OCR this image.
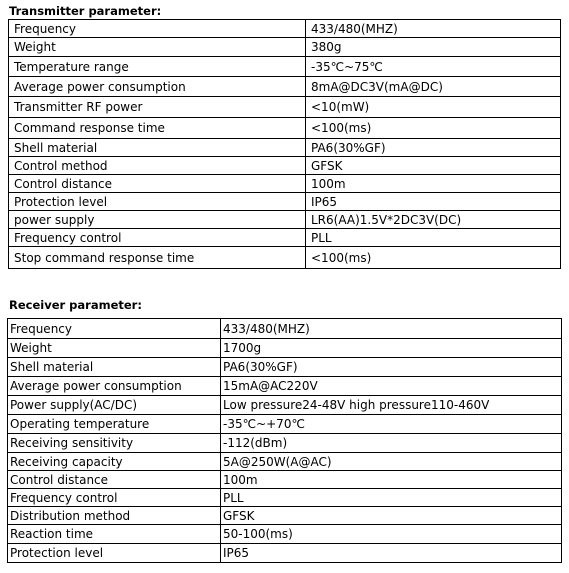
Transmitter parameter:
Frequency	433/480(MHZ)
Weight	380g
Temperature range	-35℃~75℃
Average power consumption	8mA@DC3V(mA@DC)
Transmitter RF power	<10(mW)
Command response time	<100(ms)
Shell material	PA6(30%GF)
Control method	GFSK
Control distance	100m
Protection level	IP65
power supply	LR6(AA)1.5V*2DC3V(DC)
Frequency control	PLL
Stop command response time	<100(ms)
Receiver parameter:
Frequency	433/480(MHZ)
Weight	1700g
Shell material	PA6(30%GF)
Average power consumption	15mA@AC220V
Power supply(AC/DC)	Low pressure24-48V high pressure110-460V
Operating temperature	-35℃~+70℃
Receiving sensitivity	-112(dBm)
Receiving capacity	5A@250W(A@AC)
Control distance	100m
Frequency control	PLL
Distribution method	GFSK
Reaction time	50-100(ms)
Protection level	IP65
